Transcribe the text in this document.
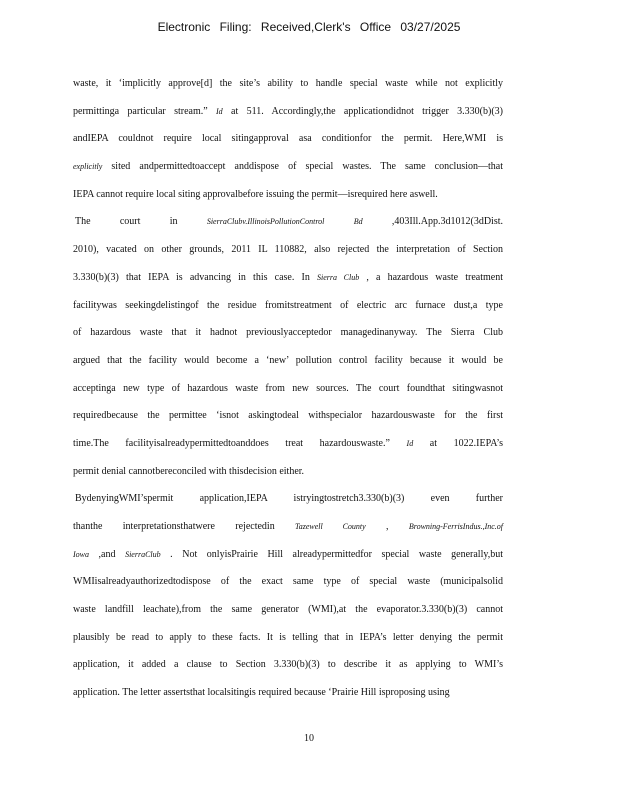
Electronic Filing: Received,Clerk's Office 03/27/2025
waste, it ‘implicitly approve[d] the site’s ability to handle special waste while not explicitly
permittinga particular stream.” Id at 511. Accordingly,the applicationdidnot trigger 3.330(b)(3)
andIEPA couldnot require local sitingapproval asa conditionfor the permit. Here,WMI is
explicitly sited andpermittedtoaccept anddispose of special wastes. The same conclusion—that
IEPA cannot require local siting approvalbefore issuing the permit—isrequired here aswell.
The court in SierraClubv.IllinoisPollutionControl	Bd ,403Ill.App.3d1012(3dDist.
2010), vacated on other grounds, 2011 IL 110882, also rejected the interpretation of Section
3.330(b)(3) that IEPA is advancing in this case. In Sierra Club , a hazardous waste treatment
facilitywas seekingdelistingof the residue fromitstreatment of electric arc furnace dust,a type
of hazardous waste that it hadnot previouslyacceptedor managedinanyway. The Sierra Club
argued that the facility would become a ‘new’ pollution control facility because it would be
acceptinga new type of hazardous waste from new sources. The court foundthat sitingwasnot
requiredbecause the permittee ‘isnot askingtodeal withspecialor hazardouswaste for the first
time.The facilityisalreadypermittedtoanddoes treat hazardouswaste.” Id at 1022.IEPA’s
permit denial cannotbereconciled with thisdecision either.
BydenyingWMI’spermit application,IEPA istryingtostretch3.330(b)(3) even further
thanthe interpretationsthatwere rejectedin Tazewell County , Browning-FerrisIndus.,Inc.of
Iowa ,and SierraClub . Not onlyisPrairie Hill alreadypermittedfor special waste generally,but
WMIisalreadyauthorizedtodispose of the exact same type of special waste (municipalsolid
waste landfill leachate),from the same generator (WMI),at the evaporator.3.330(b)(3) cannot
plausibly be read to apply to these facts. It is telling that in IEPA’s letter denying the permit
application, it added a clause to Section 3.330(b)(3) to describe it as applying to WMI’s
application. The letter assertsthat localsitingis required because ‘Prairie Hill isproposing using
10
